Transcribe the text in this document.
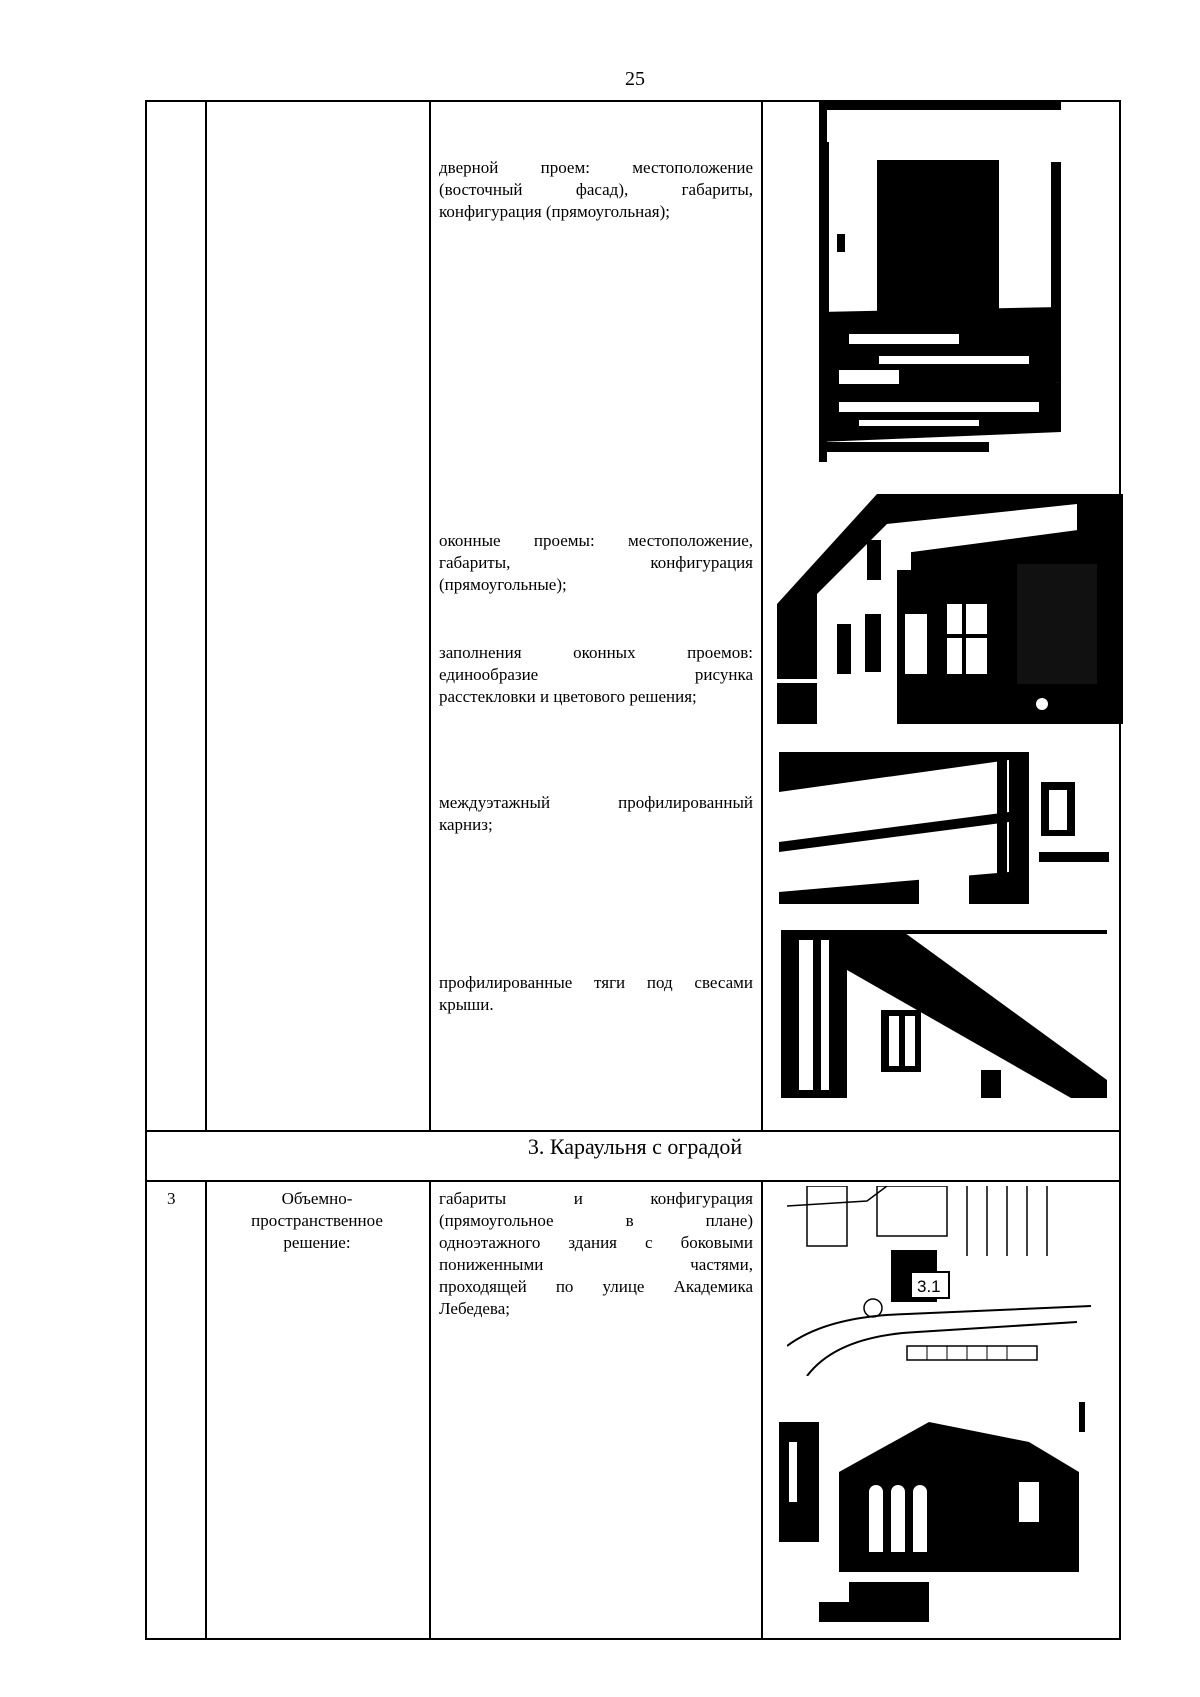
25
3. Караульня с оградой
дверной проем: местоположение
(восточный фасад), габариты,
конфигурация (прямоугольная);
оконные проемы: местоположение,
габариты, конфигурация
(прямоугольные);
заполнения оконных проемов:
единообразие рисунка
расстекловки и цветового решения;
междуэтажный профилированный
карниз;
профилированные тяги под свесами
крыши.
3	Объемно-
пространственное
решение:
габариты и конфигурация
(прямоугольное в плане)
одноэтажного здания с боковыми
пониженными частями,
проходящей по улице Академика
Лебедева;
3.1
